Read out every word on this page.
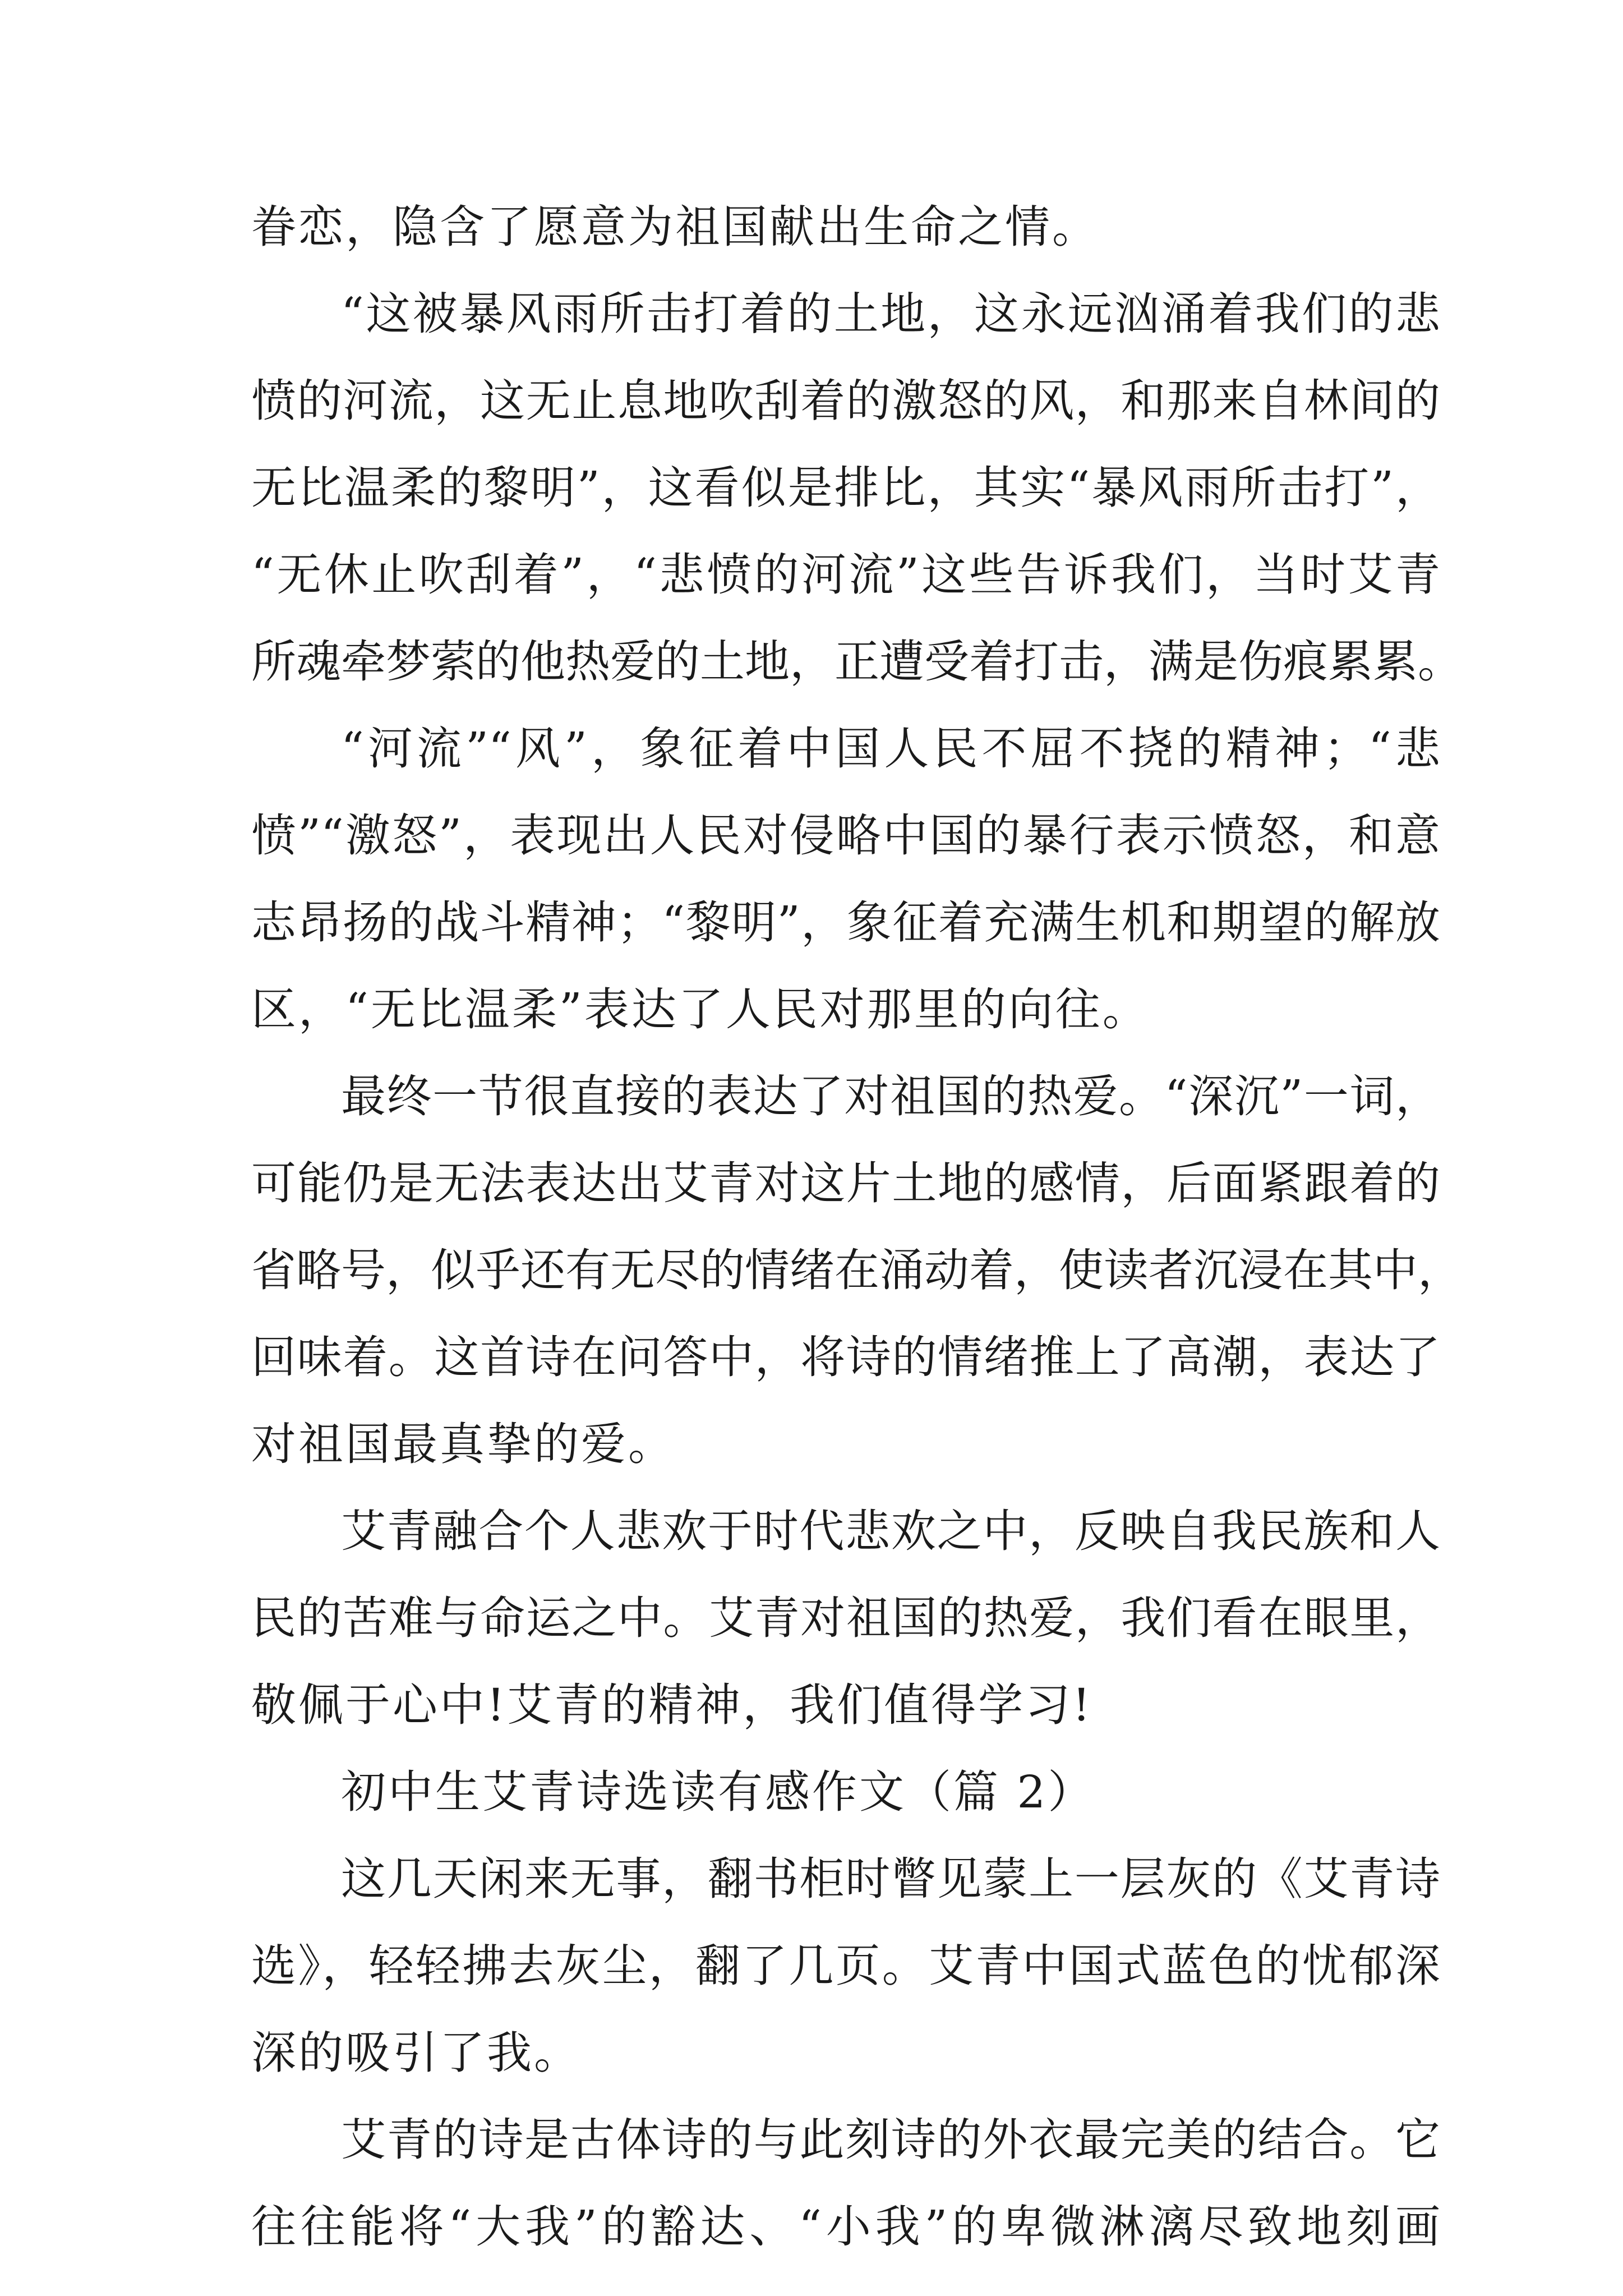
眷恋，隐含了愿意为祖国献出生命之情。
“这被暴风雨所击打着的土地，这永远汹涌着我们的悲
愤的河流，这无止息地吹刮着的激怒的风，和那来自林间的
无比温柔的黎明”，这看似是排比，其实“暴风雨所击打”，
“无休止吹刮着”，“悲愤的河流”这些告诉我们，当时艾青
所魂牵梦萦的他热爱的土地，正遭受着打击，满是伤痕累累。
“河流”“风”，象征着中国人民不屈不挠的精神；“悲
愤”“激怒”，表现出人民对侵略中国的暴行表示愤怒，和意
志昂扬的战斗精神；“黎明”，象征着充满生机和期望的解放
区，“无比温柔”表达了人民对那里的向往。
最终一节很直接的表达了对祖国的热爱。“深沉”一词，
可能仍是无法表达出艾青对这片土地的感情，后面紧跟着的
省略号，似乎还有无尽的情绪在涌动着，使读者沉浸在其中，
回味着。这首诗在问答中，将诗的情绪推上了高潮，表达了
对祖国最真挚的爱。
艾青融合个人悲欢于时代悲欢之中，反映自我民族和人
民的苦难与命运之中。艾青对祖国的热爱，我们看在眼里，
敬佩于心中!艾青的精神，我们值得学习!
初中生艾青诗选读有感作文（篇 2）
这几天闲来无事，翻书柜时瞥见蒙上一层灰的《艾青诗
选》，轻轻拂去灰尘，翻了几页。艾青中国式蓝色的忧郁深
深的吸引了我。
艾青的诗是古体诗的与此刻诗的外衣最完美的结合。它
往往能将“大我”的豁达、“小我”的卑微淋漓尽致地刻画
